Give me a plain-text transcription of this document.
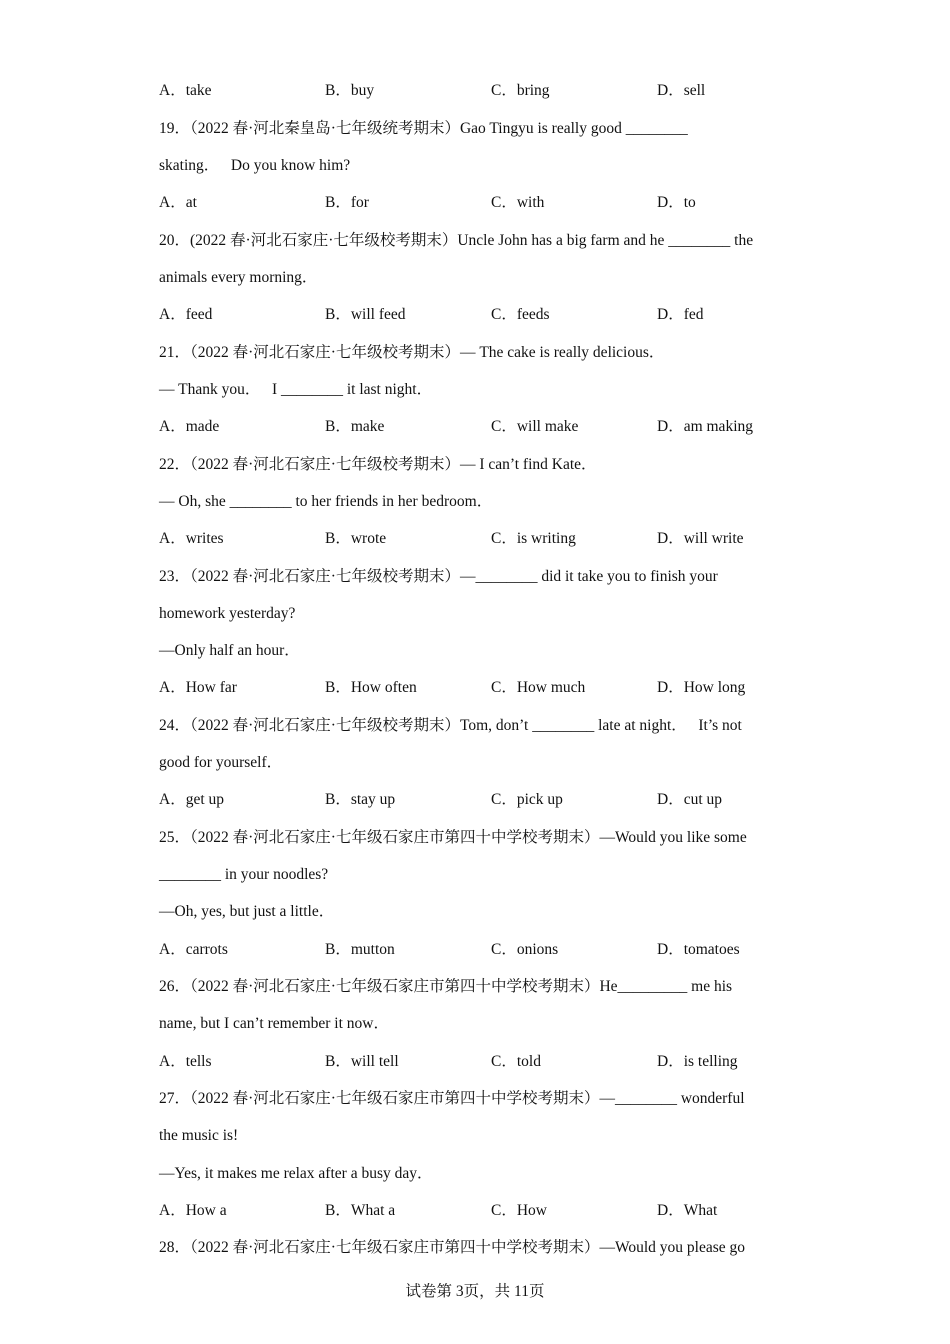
A．take	B．buy	C．bring	D．sell
19．（2022 春·河北秦皇岛·七年级统考期末）Gao Tingyu is really good ________
skating．   Do you know him?
A．at	B．for	C．with	D．to
20．(2022 春·河北石家庄·七年级校考期末）Uncle John has a big farm and he ________ the
animals every morning．
A．feed	B．will feed	C．feeds	D．fed
21．（2022 春·河北石家庄·七年级校考期末）— The cake is really delicious．
— Thank you．   I ________ it last night．
A．made	B．make	C．will make	D．am making
22．（2022 春·河北石家庄·七年级校考期末）— I can’t find Kate．
— Oh, she ________ to her friends in her bedroom．
A．writes	B．wrote	C．is writing	D．will write
23．（2022 春·河北石家庄·七年级校考期末）—________ did it take you to finish your
homework yesterday?
—Only half an hour．
A．How far	B．How often	C．How much	D．How long
24．（2022 春·河北石家庄·七年级校考期末）Tom, don’t ________ late at night．   It’s not
good for yourself．
A．get up	B．stay up	C．pick up	D．cut up
25．（2022 春·河北石家庄·七年级石家庄市第四十中学校考期末）—Would you like some
________ in your noodles?
—Oh, yes, but just a little．
A．carrots	B．mutton	C．onions	D．tomatoes
26．（2022 春·河北石家庄·七年级石家庄市第四十中学校考期末）He_________ me his
name, but I can’t remember it now．
A．tells	B．will tell	C．told	D．is telling
27．（2022 春·河北石家庄·七年级石家庄市第四十中学校考期末）—________ wonderful
the music is!
—Yes, it makes me relax after a busy day．
A．How a	B．What a	C．How	D．What
28．（2022 春·河北石家庄·七年级石家庄市第四十中学校考期末）—Would you please go
试卷第 3页，共 11页
